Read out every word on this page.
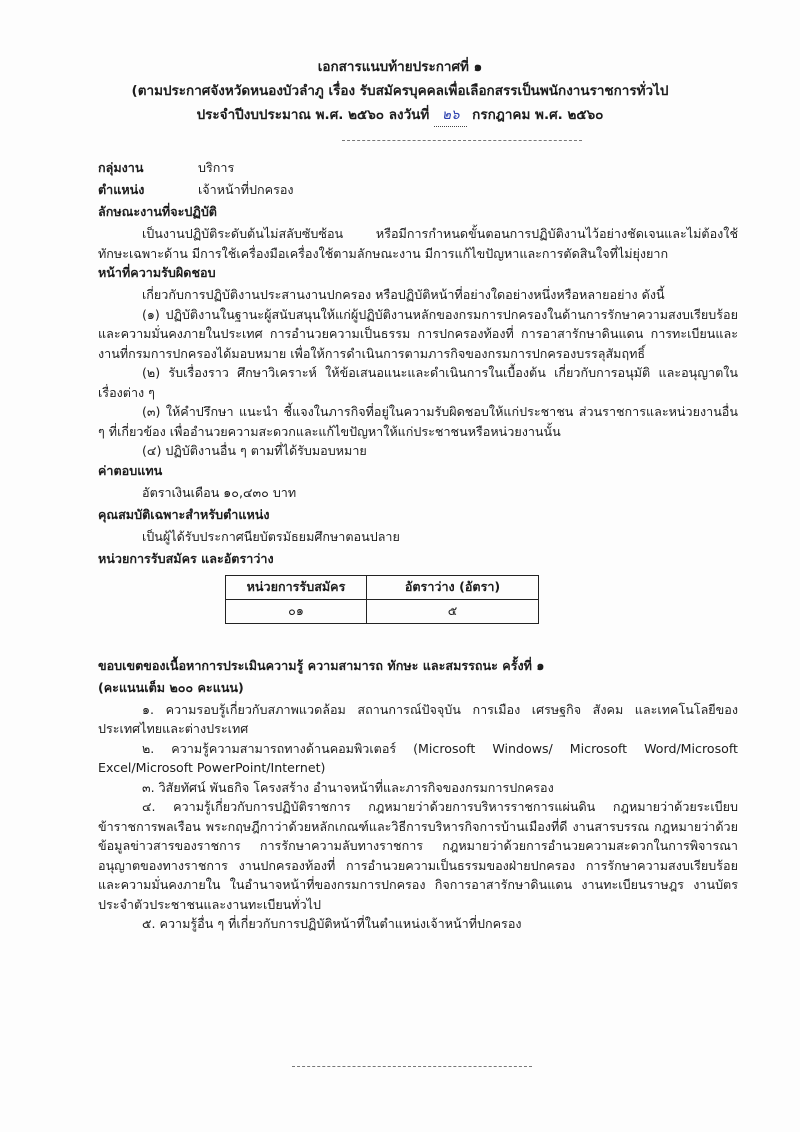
เอกสารแนบท้ายประกาศที่ ๑
(ตามประกาศจังหวัดหนองบัวลำภู เรื่อง รับสมัครบุคคลเพื่อเลือกสรรเป็นพนักงานราชการทั่วไป
ประจำปีงบประมาณ พ.ศ. ๒๕๖๐ ลงวันที่ ๒๖ กรกฎาคม พ.ศ. ๒๕๖๐
กลุ่มงาน	บริการ
ตำแหน่ง	เจ้าหน้าที่ปกครอง
ลักษณะงานที่จะปฏิบัติ
เป็นงานปฏิบัติระดับต้นไม่สลับซับซ้อน หรือมีการกำหนดขั้นตอนการปฏิบัติงานไว้อย่างชัดเจนและไม่ต้องใช้ทักษะเฉพาะด้าน มีการใช้เครื่องมือเครื่องใช้ตามลักษณะงาน มีการแก้ไขปัญหาและการตัดสินใจที่ไม่ยุ่งยาก
หน้าที่ความรับผิดชอบ
เกี่ยวกับการปฏิบัติงานประสานงานปกครอง หรือปฏิบัติหน้าที่อย่างใดอย่างหนึ่งหรือหลายอย่าง ดังนี้
(๑) ปฏิบัติงานในฐานะผู้สนับสนุนให้แก่ผู้ปฏิบัติงานหลักของกรมการปกครองในด้านการรักษาความสงบเรียบร้อยและความมั่นคงภายในประเทศ การอำนวยความเป็นธรรม การปกครองท้องที่ การอาสารักษาดินแดน การทะเบียนและงานที่กรมการปกครองได้มอบหมาย เพื่อให้การดำเนินการตามภารกิจของกรมการปกครองบรรลุสัมฤทธิ์
(๒) รับเรื่องราว ศึกษาวิเคราะห์ ให้ข้อเสนอแนะและดำเนินการในเบื้องต้น เกี่ยวกับการอนุมัติ และอนุญาตในเรื่องต่าง ๆ
(๓) ให้คำปรึกษา แนะนำ ชี้แจงในภารกิจที่อยู่ในความรับผิดชอบให้แก่ประชาชน ส่วนราชการและหน่วยงานอื่น ๆ ที่เกี่ยวข้อง เพื่ออำนวยความสะดวกและแก้ไขปัญหาให้แก่ประชาชนหรือหน่วยงานนั้น
(๔) ปฏิบัติงานอื่น ๆ ตามที่ได้รับมอบหมาย
ค่าตอบแทน
อัตราเงินเดือน ๑๐,๔๓๐ บาท
คุณสมบัติเฉพาะสำหรับตำแหน่ง
เป็นผู้ได้รับประกาศนียบัตรมัธยมศึกษาตอนปลาย
หน่วยการรับสมัคร และอัตราว่าง
หน่วยการรับสมัคร	อัตราว่าง (อัตรา)
๐๑	๕
ขอบเขตของเนื้อหาการประเมินความรู้ ความสามารถ ทักษะ และสมรรถนะ ครั้งที่ ๑
(คะแนนเต็ม ๒๐๐ คะแนน)
๑. ความรอบรู้เกี่ยวกับสภาพแวดล้อม สถานการณ์ปัจจุบัน การเมือง เศรษฐกิจ สังคม และเทคโนโลยีของประเทศไทยและต่างประเทศ
๒. ความรู้ความสามารถทางด้านคอมพิวเตอร์ (Microsoft Windows/ Microsoft Word/Microsoft Excel/Microsoft PowerPoint/Internet)
๓. วิสัยทัศน์ พันธกิจ โครงสร้าง อำนาจหน้าที่และภารกิจของกรมการปกครอง
๔. ความรู้เกี่ยวกับการปฏิบัติราชการ กฎหมายว่าด้วยการบริหารราชการแผ่นดิน กฎหมายว่าด้วยระเบียบข้าราชการพลเรือน พระกฤษฎีกาว่าด้วยหลักเกณฑ์และวิธีการบริหารกิจการบ้านเมืองที่ดี งานสารบรรณ กฎหมายว่าด้วยข้อมูลข่าวสารของราชการ การรักษาความลับทางราชการ กฎหมายว่าด้วยการอำนวยความสะดวกในการพิจารณาอนุญาตของทางราชการ งานปกครองท้องที่ การอำนวยความเป็นธรรมของฝ่ายปกครอง การรักษาความสงบเรียบร้อยและความมั่นคงภายใน ในอำนาจหน้าที่ของกรมการปกครอง กิจการอาสารักษาดินแดน งานทะเบียนราษฎร งานบัตรประจำตัวประชาชนและงานทะเบียนทั่วไป
๕. ความรู้อื่น ๆ ที่เกี่ยวกับการปฏิบัติหน้าที่ในตำแหน่งเจ้าหน้าที่ปกครอง
